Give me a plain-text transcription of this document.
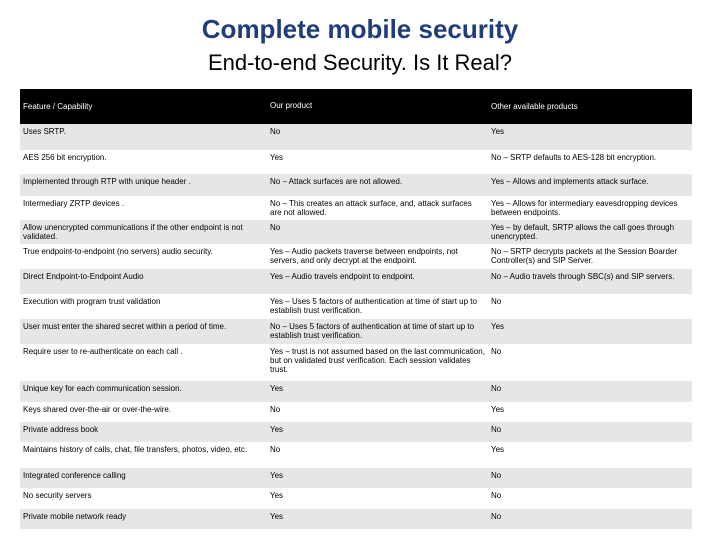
Complete mobile security
End-to-end Security. Is It Real?
Feature / Capability	Our product	Other available products
Uses SRTP.	No	Yes
AES 256 bit encryption.	Yes	No – SRTP defaults to AES-128 bit encryption.
Implemented through RTP with unique header .	No – Attack surfaces are not allowed.	Yes – Allows and implements attack surface.
Intermediary ZRTP devices .	No – This creates an attack surface, and, attack surfaces are not allowed.	Yes – Allows for intermediary eavesdropping devices between endpoints.
Allow unencrypted communications if the other endpoint is not validated.	No	Yes – by default, SRTP allows the call goes through unencrypted.
True endpoint-to-endpoint (no servers) audio security.	Yes – Audio packets traverse between endpoints, not servers, and only decrypt at the endpoint.	No – SRTP decrypts packets at the Session Boarder Controller(s) and SIP Server.
Direct Endpoint-to-Endpoint Audio	Yes – Audio travels endpoint to endpoint.	No – Audio travels through SBC(s) and SIP servers.
Execution with program trust validation	Yes – Uses 5 factors of authentication at time of start up to establish trust verification.	No
User must enter the shared secret within a period of time.	No – Uses 5 factors of authentication at time of start up to establish trust verification.	Yes
Require user to re-authenticate on each call .	Yes – trust is not assumed based on the last communication, but on validated trust verification. Each session validates trust.	No
Unique key for each communication session.	Yes	No
Keys shared over-the-air or over-the-wire.	No	Yes
Private address book	Yes	No
Maintains history of calls, chat, file transfers, photos, video, etc.	No	Yes
Integrated conference calling	Yes	No
No security servers	Yes	No
Private mobile network ready	Yes	No
